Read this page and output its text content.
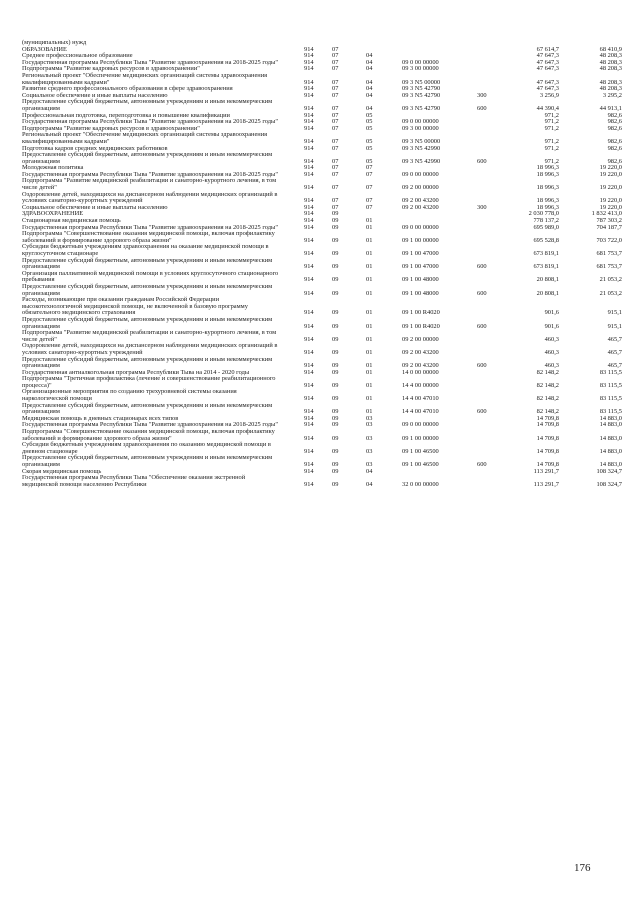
(муниципальных) нужд
ОБРАЗОВАНИЕ	914	07	67 614,7	68 410,9
Среднее профессиональное образование	914	07	04	47 647,3	48 208,3
Государственная программа Республики Тыва "Развитие здравоохранения на 2018-2025 годы"	914	07	04	09 0 00 00000	47 647,3	48 208,3
Подпрограмма "Развитие кадровых ресурсов в здравоохранении"	914	07	04	09 3 00 00000	47 647,3	48 208,3
Региональный проект "Обеспечение медицинских организаций системы здравоохранения квалифицированными кадрами"	914	07	04	09 3 N5 00000	47 647,3	48 208,3
Развитие среднего профессионального образования в сфере здравоохранения	914	07	04	09 3 N5 42790	47 647,3	48 208,3
Социальное обеспечение и иные выплаты населению	914	07	04	09 3 N5 42790	300	3 256,9	3 295,2
Предоставление субсидий бюджетным, автономным учреждениям и иным некоммерческим организациям	914	07	04	09 3 N5 42790	600	44 390,4	44 913,1
Профессиональная подготовка, переподготовка и повышение квалификации	914	07	05	971,2	982,6
Государственная программа Республики Тыва "Развитие здравоохранения на 2018-2025 годы"	914	07	05	09 0 00 00000	971,2	982,6
Подпрограмма "Развитие кадровых ресурсов в здравоохранении"	914	07	05	09 3 00 00000	971,2	982,6
Региональный проект "Обеспечение медицинских организаций системы здравоохранения квалифицированными кадрами"	914	07	05	09 3 N5 00000	971,2	982,6
Подготовка кадров средних медицинских работников	914	07	05	09 3 N5 42990	971,2	982,6
Предоставление субсидий бюджетным, автономным учреждениям и иным некоммерческим организациям	914	07	05	09 3 N5 42990	600	971,2	982,6
Молодежная политика	914	07	07	18 996,3	19 220,0
Государственная программа Республики Тыва "Развитие здравоохранения на 2018-2025 годы"	914	07	07	09 0 00 00000	18 996,3	19 220,0
Подпрограмма "Развитие медицинской реабилитации и санаторно-курортного лечения, в том числе детей"	914	07	07	09 2 00 00000	18 996,3	19 220,0
Оздоровление детей, находящихся на диспансерном наблюдении медицинских организаций в условиях санаторно-курортных учреждений	914	07	07	09 2 00 43200	18 996,3	19 220,0
Социальное обеспечение и иные выплаты населению	914	07	07	09 2 00 43200	300	18 996,3	19 220,0
ЗДРАВООХРАНЕНИЕ	914	09	2 030 778,0	1 832 413,0
Стационарная медицинская помощь	914	09	01	778 137,2	787 303,2
Государственная программа Республики Тыва "Развитие здравоохранения на 2018-2025 годы"	914	09	01	09 0 00 00000	695 989,0	704 187,7
Подпрограмма "Совершенствование оказания медицинской помощи, включая профилактику заболеваний и формирование здорового образа жизни"	914	09	01	09 1 00 00000	695 528,8	703 722,0
Субсидии бюджетным учреждениям здравоохранения на оказание медицинской помощи в круглосуточном стационаре	914	09	01	09 1 00 47000	673 819,1	681 753,7
Предоставление субсидий бюджетным, автономным учреждениям и иным некоммерческим организациям	914	09	01	09 1 00 47000	600	673 819,1	681 753,7
Организация паллиативной медицинской помощи в условиях круглосуточного стационарного пребывания	914	09	01	09 1 00 48000	20 808,1	21 053,2
Предоставление субсидий бюджетным, автономным учреждениям и иным некоммерческим организациям	914	09	01	09 1 00 48000	600	20 808,1	21 053,2
Расходы, возникающие при оказании гражданам Российской Федерации высокотехнологичной медицинской помощи, не включенной в базовую программу обязательного медицинского страхования	914	09	01	09 1 00 R4020	901,6	915,1
Предоставление субсидий бюджетным, автономным учреждениям и иным некоммерческим организациям	914	09	01	09 1 00 R4020	600	901,6	915,1
Подпрограмма "Развитие медицинской реабилитации и санаторно-курортного лечения, в том числе детей"	914	09	01	09 2 00 00000	460,3	465,7
Оздоровление детей, находящихся на диспансерном наблюдении медицинских организаций в условиях санаторно-курортных учреждений	914	09	01	09 2 00 43200	460,3	465,7
Предоставление субсидий бюджетным, автономным учреждениям и иным некоммерческим организациям	914	09	01	09 2 00 43200	600	460,3	465,7
Государственная антиалкогольная программа Республики Тыва на 2014 - 2020 годы	914	09	01	14 0 00 00000	82 148,2	83 115,5
Подпрограмма "Третичная профилактика (лечение и совершенствование реабилитационного процесса)"	914	09	01	14 4 00 00000	82 148,2	83 115,5
Организационные мероприятия по созданию трехуровневой системы оказания наркологической помощи	914	09	01	14 4 00 47010	82 148,2	83 115,5
Предоставление субсидий бюджетным, автономным учреждениям и иным некоммерческим организациям	914	09	01	14 4 00 47010	600	82 148,2	83 115,5
Медицинская помощь в дневных стационарах всех типов	914	09	03	14 709,8	14 883,0
Государственная программа Республики Тыва "Развитие здравоохранения на 2018-2025 годы"	914	09	03	09 0 00 00000	14 709,8	14 883,0
Подпрограмма "Совершенствование оказания медицинской помощи, включая профилактику заболеваний и формирование здорового образа жизни"	914	09	03	09 1 00 00000	14 709,8	14 883,0
Субсидии бюджетным учреждениям здравоохранения по оказанию медицинской помощи в дневном стационаре	914	09	03	09 1 00 46500	14 709,8	14 883,0
Предоставление субсидий бюджетным, автономным учреждениям и иным некоммерческим организациям	914	09	03	09 1 00 46500	600	14 709,8	14 883,0
Скорая медицинская помощь	914	09	04	113 291,7	108 324,7
Государственная программа Республики Тыва "Обеспечение оказания экстренной медицинской помощи населению Республики	914	09	04	32 0 00 00000	113 291,7	108 324,7
176
